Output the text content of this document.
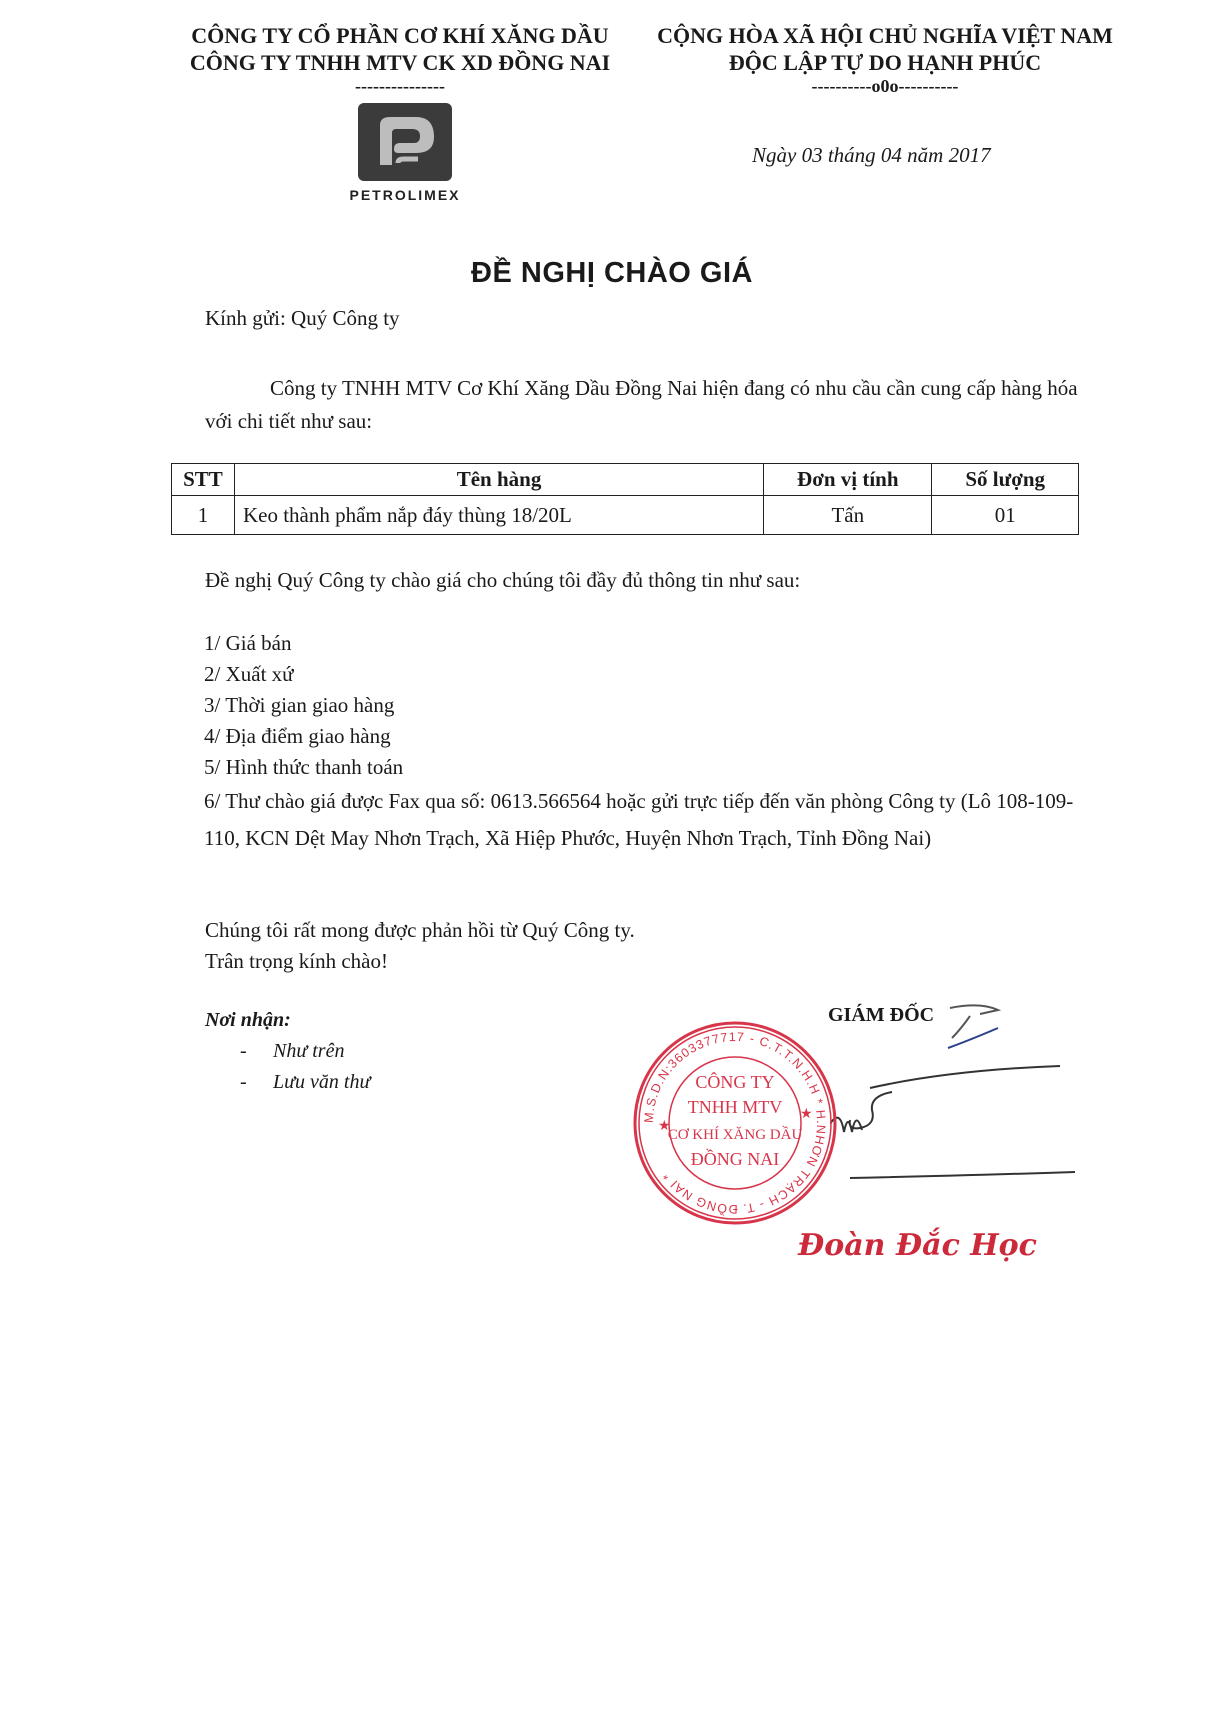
CÔNG TY CỔ PHẦN CƠ KHÍ XĂNG DẦU
CÔNG TY TNHH MTV CK XD ĐỒNG NAI
---------------
CỘNG HÒA XÃ HỘI CHỦ NGHĨA VIỆT NAM
ĐỘC LẬP TỰ DO HẠNH PHÚC
----------o0o----------
PETROLIMEX
Ngày 03 tháng 04 năm 2017
ĐỀ NGHỊ CHÀO GIÁ
Kính gửi: Quý Công ty
Công ty TNHH MTV Cơ Khí Xăng Dầu Đồng Nai hiện đang có nhu cầu cần cung cấp hàng hóa với chi tiết như sau:
STT	Tên hàng	Đơn vị tính	Số lượng
1	Keo thành phẩm nắp đáy thùng 18/20L	Tấn	01
Đề nghị Quý Công ty chào giá cho chúng tôi đầy đủ thông tin như sau:
1/ Giá bán
2/ Xuất xứ
3/ Thời gian giao hàng
4/ Địa điểm giao hàng
5/ Hình thức thanh toán
6/ Thư chào giá được Fax qua số: 0613.566564 hoặc gửi trực tiếp đến văn phòng Công ty (Lô 108-109-110, KCN Dệt May Nhơn Trạch, Xã Hiệp Phước, Huyện Nhơn Trạch, Tỉnh Đồng Nai)
Chúng tôi rất mong được phản hồi từ Quý Công ty.
Trân trọng kính chào!
Nơi nhận:
- Như trên
- Lưu văn thư
GIÁM ĐỐC
M.S.D.N:3603377717 - C.T.T.N.H.H * H.NHƠN TRẠCH - T. ĐỒNG NAI *
CÔNG TY
TNHH MTV
CƠ KHÍ XĂNG DẦU
ĐỒNG NAI
★
★
Đoàn Đắc Học
